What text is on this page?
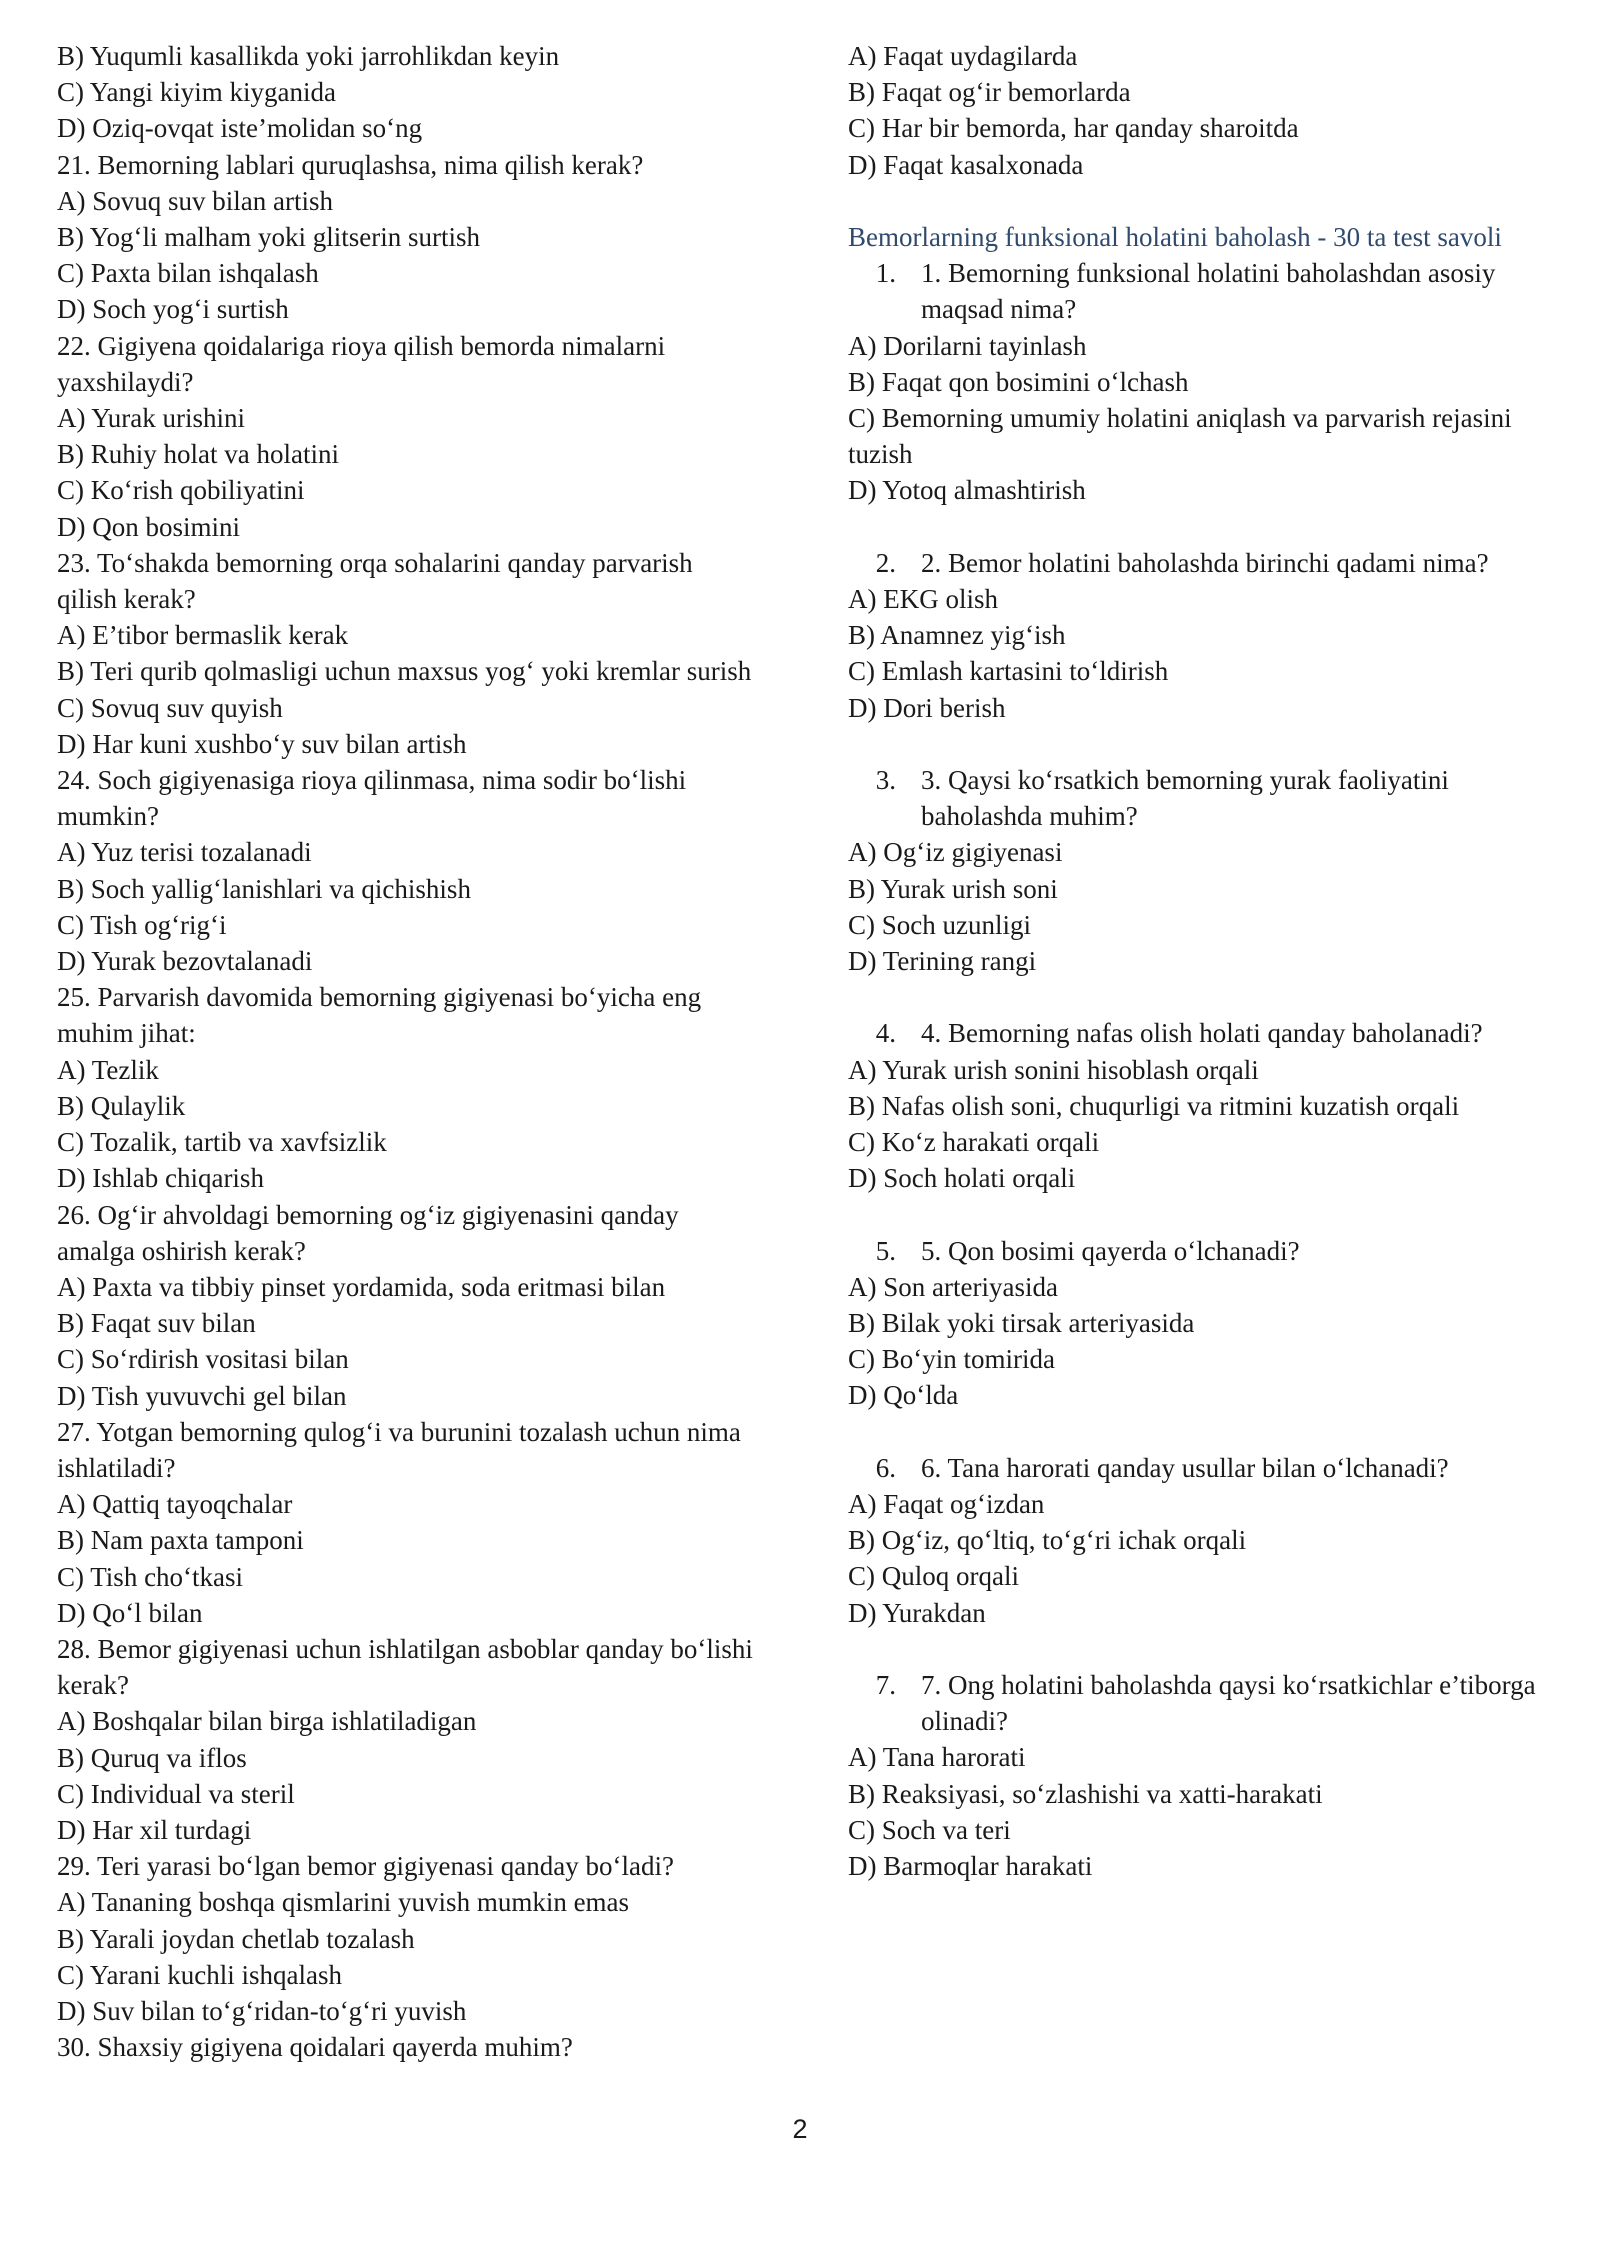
B) Yuqumli kasallikda yoki jarrohlikdan keyin
C) Yangi kiyim kiyganida
D) Oziq-ovqat iste’molidan so‘ng
21. Bemorning lablari quruqlashsa, nima qilish kerak?
A) Sovuq suv bilan artish
B) Yog‘li malham yoki glitserin surtish
C) Paxta bilan ishqalash
D) Soch yog‘i surtish
22. Gigiyena qoidalariga rioya qilish bemorda nimalarni yaxshilaydi?
A) Yurak urishini
B) Ruhiy holat va holatini
C) Ko‘rish qobiliyatini
D) Qon bosimini
23. To‘shakda bemorning orqa sohalarini qanday parvarish qilish kerak?
A) E’tibor bermaslik kerak
B) Teri qurib qolmasligi uchun maxsus yog‘ yoki kremlar surish
C) Sovuq suv quyish
D) Har kuni xushbo‘y suv bilan artish
24. Soch gigiyenasiga rioya qilinmasa, nima sodir bo‘lishi mumkin?
A) Yuz terisi tozalanadi
B) Soch yallig‘lanishlari va qichishish
C) Tish og‘rig‘i
D) Yurak bezovtalanadi
25. Parvarish davomida bemorning gigiyenasi bo‘yicha eng muhim jihat:
A) Tezlik
B) Qulaylik
C) Tozalik, tartib va xavfsizlik
D) Ishlab chiqarish
26. Og‘ir ahvoldagi bemorning og‘iz gigiyenasini qanday amalga oshirish kerak?
A) Paxta va tibbiy pinset yordamida, soda eritmasi bilan
B) Faqat suv bilan
C) So‘rdirish vositasi bilan
D) Tish yuvuvchi gel bilan
27. Yotgan bemorning qulog‘i va burunini tozalash uchun nima ishlatiladi?
A) Qattiq tayoqchalar
B) Nam paxta tamponi
C) Tish cho‘tkasi
D) Qo‘l bilan
28. Bemor gigiyenasi uchun ishlatilgan asboblar qanday bo‘lishi kerak?
A) Boshqalar bilan birga ishlatiladigan
B) Quruq va iflos
C) Individual va steril
D) Har xil turdagi
29. Teri yarasi bo‘lgan bemor gigiyenasi qanday bo‘ladi?
A) Tananing boshqa qismlarini yuvish mumkin emas
B) Yarali joydan chetlab tozalash
C) Yarani kuchli ishqalash
D) Suv bilan to‘g‘ridan-to‘g‘ri yuvish
30. Shaxsiy gigiyena qoidalari qayerda muhim?
A) Faqat uydagilarda
B) Faqat og‘ir bemorlarda
C) Har bir bemorda, har qanday sharoitda
D) Faqat kasalxonada
Bemorlarning funksional holatini baholash - 30 ta test savoli
1. 1. Bemorning funksional holatini baholashdan asosiy maqsad nima?
A) Dorilarni tayinlash
B) Faqat qon bosimini o‘lchash
C) Bemorning umumiy holatini aniqlash va parvarish rejasini tuzish
D) Yotoq almashtirish
2. 2. Bemor holatini baholashda birinchi qadami nima?
A) EKG olish
B) Anamnez yig‘ish
C) Emlash kartasini to‘ldirish
D) Dori berish
3. 3. Qaysi ko‘rsatkich bemorning yurak faoliyatini baholashda muhim?
A) Og‘iz gigiyenasi
B) Yurak urish soni
C) Soch uzunligi
D) Terining rangi
4. 4. Bemorning nafas olish holati qanday baholanadi?
A) Yurak urish sonini hisoblash orqali
B) Nafas olish soni, chuqurligi va ritmini kuzatish orqali
C) Ko‘z harakati orqali
D) Soch holati orqali
5. 5. Qon bosimi qayerda o‘lchanadi?
A) Son arteriyasida
B) Bilak yoki tirsak arteriyasida
C) Bo‘yin tomirida
D) Qo‘lda
6. 6. Tana harorati qanday usullar bilan o‘lchanadi?
A) Faqat og‘izdan
B) Og‘iz, qo‘ltiq, to‘g‘ri ichak orqali
C) Quloq orqali
D) Yurakdan
7. 7. Ong holatini baholashda qaysi ko‘rsatkichlar e’tiborga olinadi?
A) Tana harorati
B) Reaksiyasi, so‘zlashishi va xatti-harakati
C) Soch va teri
D) Barmoqlar harakati
2
